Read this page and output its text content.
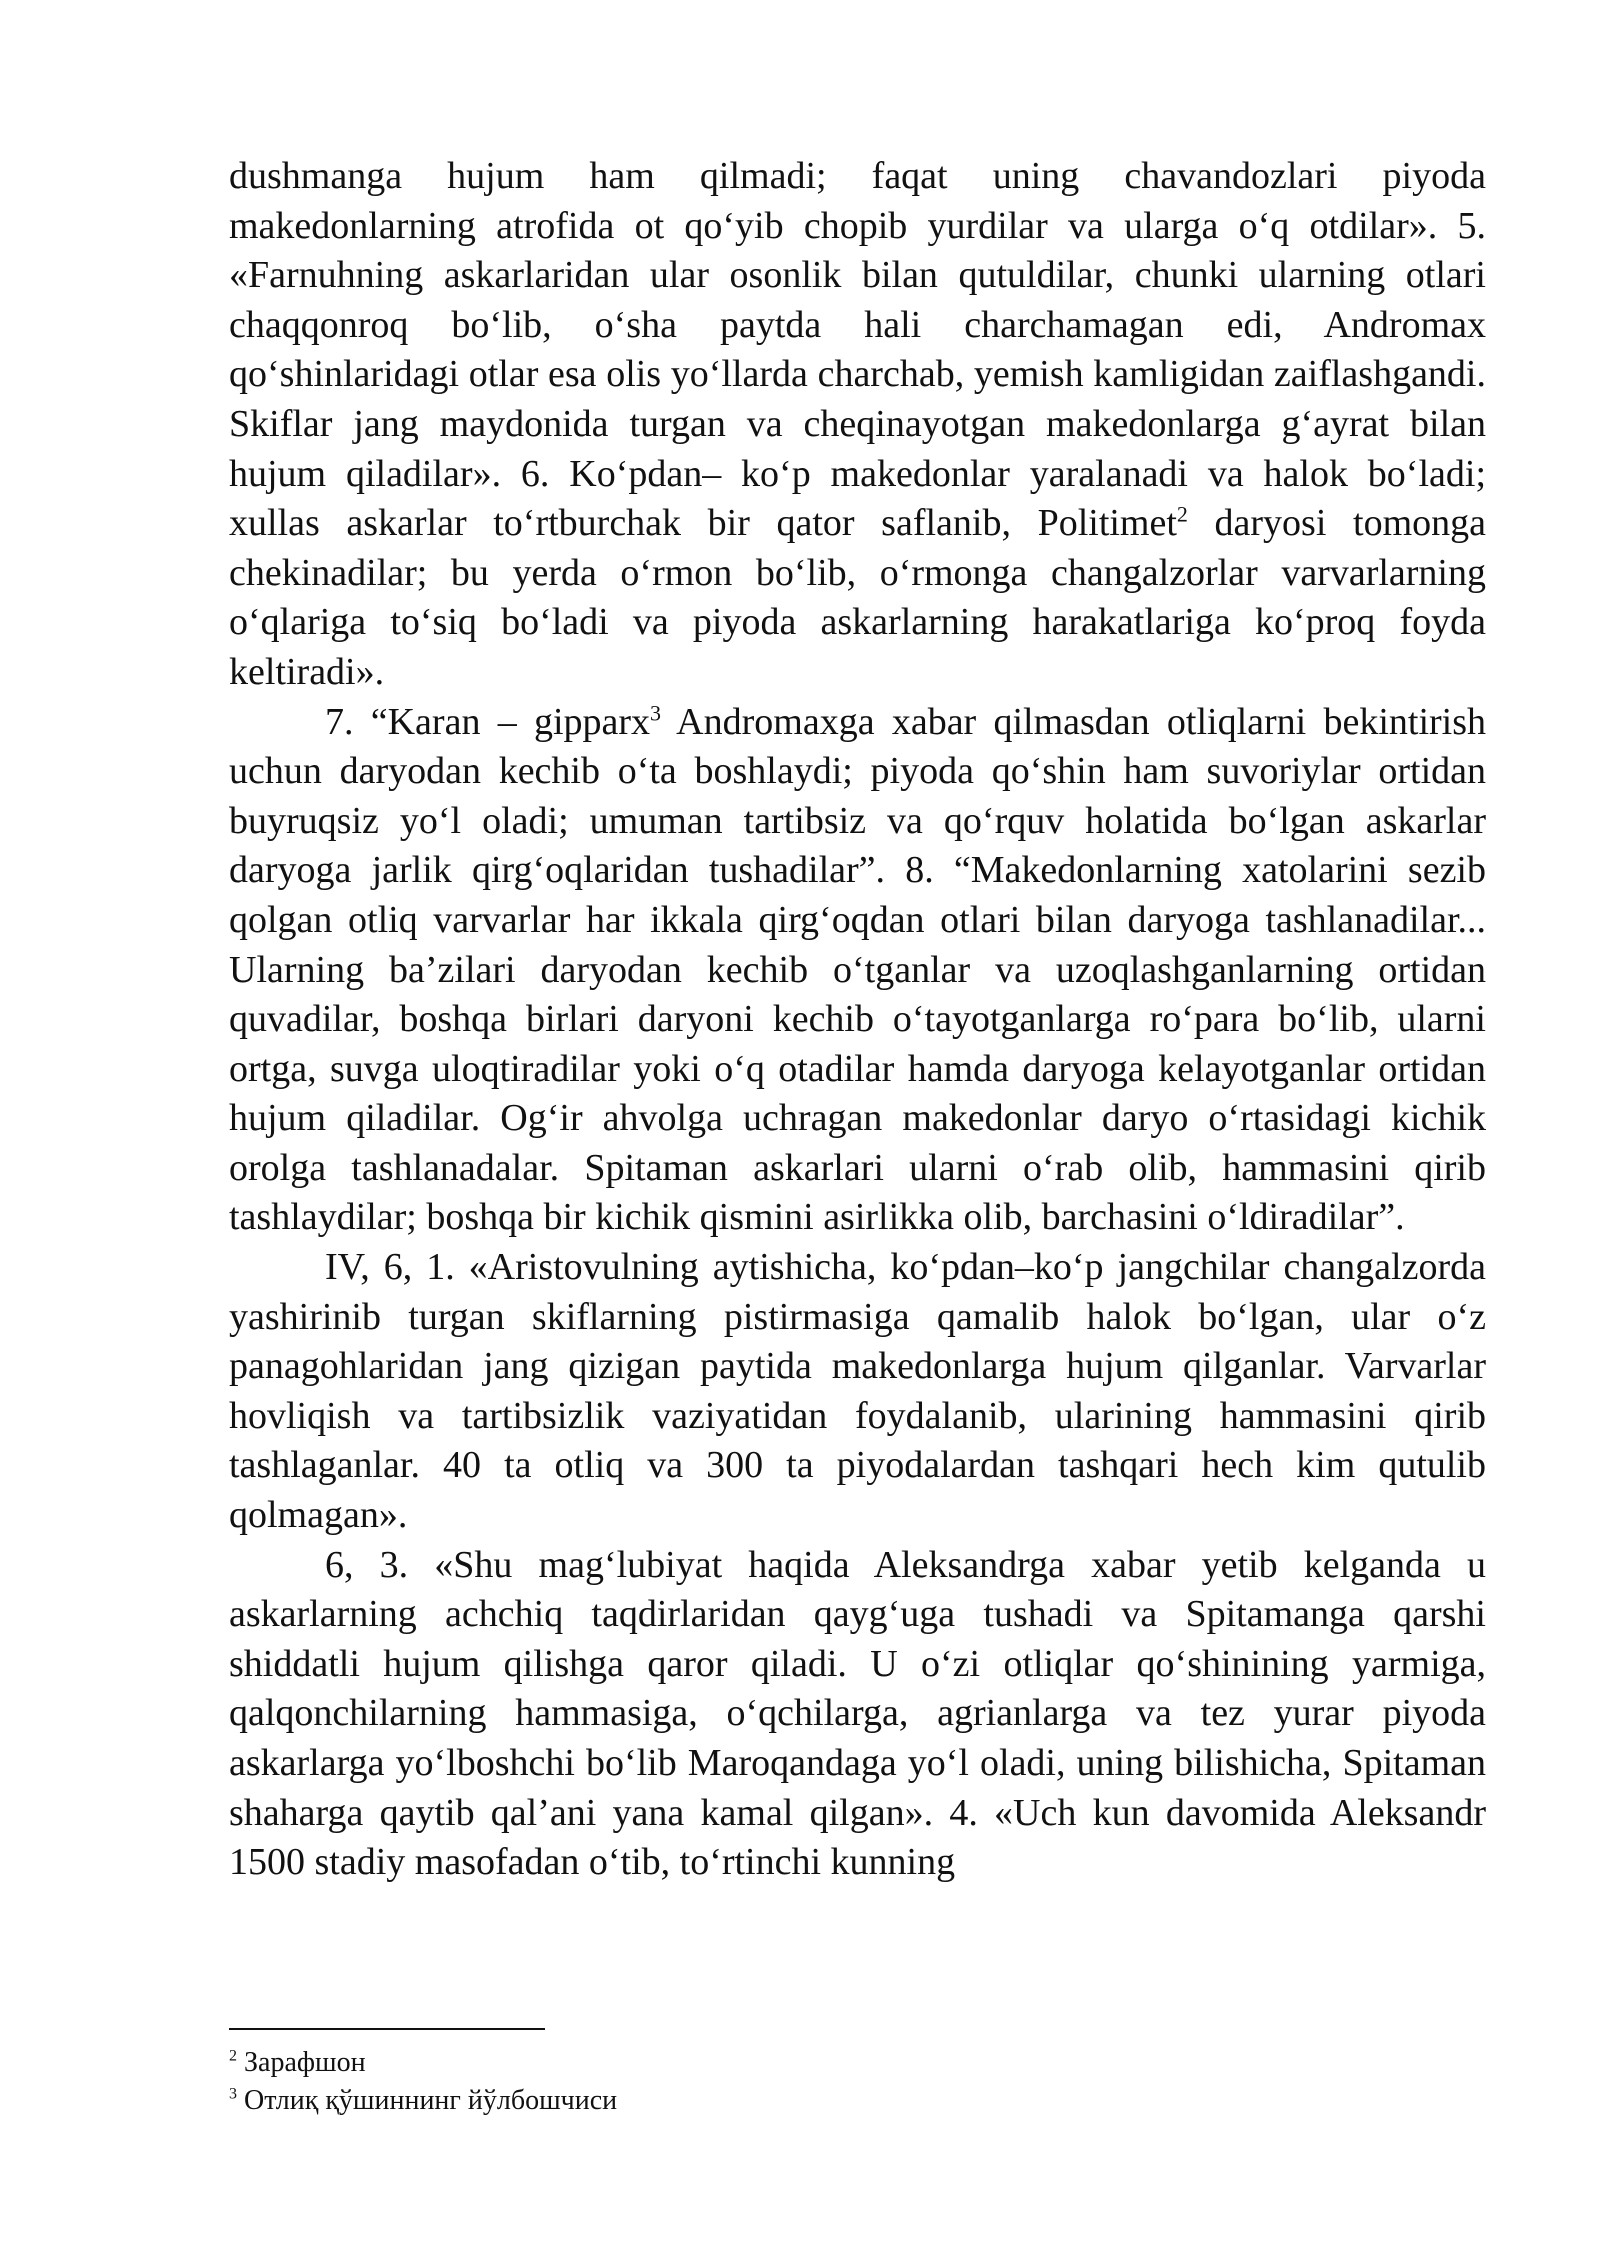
dushmanga hujum ham qilmadi; faqat uning chavandozlari piyoda makedonlarning atrofida ot qo‘yib chopib yurdilar va ularga o‘q otdilar». 5. «Farnuhning askarlaridan ular osonlik bilan qutuldilar, chunki ularning otlari chaqqonroq bo‘lib, o‘sha paytda hali charchamagan edi, Andromax qo‘shinlaridagi otlar esa olis yo‘llarda charchab, yemish kamligidan zaiflashgandi. Skiflar jang maydonida turgan va cheqinayotgan makedonlarga g‘ayrat bilan hujum qiladilar». 6. Ko‘pdan– ko‘p makedonlar yaralanadi va halok bo‘ladi; xullas askarlar to‘rtburchak bir qator saflanib, Politimet$^2$ daryosi tomonga chekinadilar; bu yerda o‘rmon bo‘lib, o‘rmonga changalzorlar varvarlarning o‘qlariga to‘siq bo‘ladi va piyoda askarlarning harakatlariga ko‘proq foyda keltiradi».

7. “Karan – gipparx$^3$ Andromaxga xabar qilmasdan otliqlarni bekintirish uchun daryodan kechib o‘ta boshlaydi; piyoda qo‘shin ham suvoriylar ortidan buyruqsiz yo‘l oladi; umuman tartibsiz va qo‘rquv holatida bo‘lgan askarlar daryoga jarlik qirg‘oqlaridan tushadilar”. 8. “Makedonlarning xatolarini sezib qolgan otliq varvarlar har ikkala qirg‘oqdan otlari bilan daryoga tashlanadilar... Ularning ba’zilari daryodan kechib o‘tganlar va uzoqlashganlarning ortidan quvadilar, boshqa birlari daryoni kechib o‘tayotganlarga ro‘para bo‘lib, ularni ortga, suvga uloqtiradilar yoki o‘q otadilar hamda daryoga kelayotganlar ortidan hujum qiladilar. Og‘ir ahvolga uchragan makedonlar daryo o‘rtasidagi kichik orolga tashlanadalar. Spitaman askarlari ularni o‘rab olib, hammasini qirib tashlaydilar; boshqa bir kichik qismini asirlikka olib, barchasini o‘ldiradilar”.

IV, 6, 1. «Aristovulning aytishicha, ko‘pdan–ko‘p jangchilar changalzorda yashirinib turgan skiflarning pistirmasiga qamalib halok bo‘lgan, ular o‘z panagohlaridan jang qizigan paytida makedonlarga hujum qilganlar. Varvarlar hovliqish va tartibsizlik vaziyatidan foydalanib, ularining hammasini qirib tashlaganlar. 40 ta otliq va 300 ta piyodalardan tashqari hech kim qutulib qolmagan».

6, 3. «Shu mag‘lubiyat haqida Aleksandrga xabar yetib kelganda u askarlarning achchiq taqdirlaridan qayg‘uga tushadi va Spitamanga qarshi shiddatli hujum qilishga qaror qiladi. U o‘zi otliqlar qo‘shinining yarmiga, qalqonchilarning hammasiga, o‘qchilarga, agrianlarga va tez yurar piyoda askarlarga yo‘lboshchi bo‘lib Maroqandaga yo‘l oladi, uning bilishicha, Spitaman shaharga qaytib qal’ani yana kamal qilgan». 4. «Uch kun davomida Aleksandr 1500 stadiy masofadan o‘tib, to‘rtinchi kunning

$^2$ Зарафшон

$^3$ Отлиқ қўшиннинг йўлбошчиси
